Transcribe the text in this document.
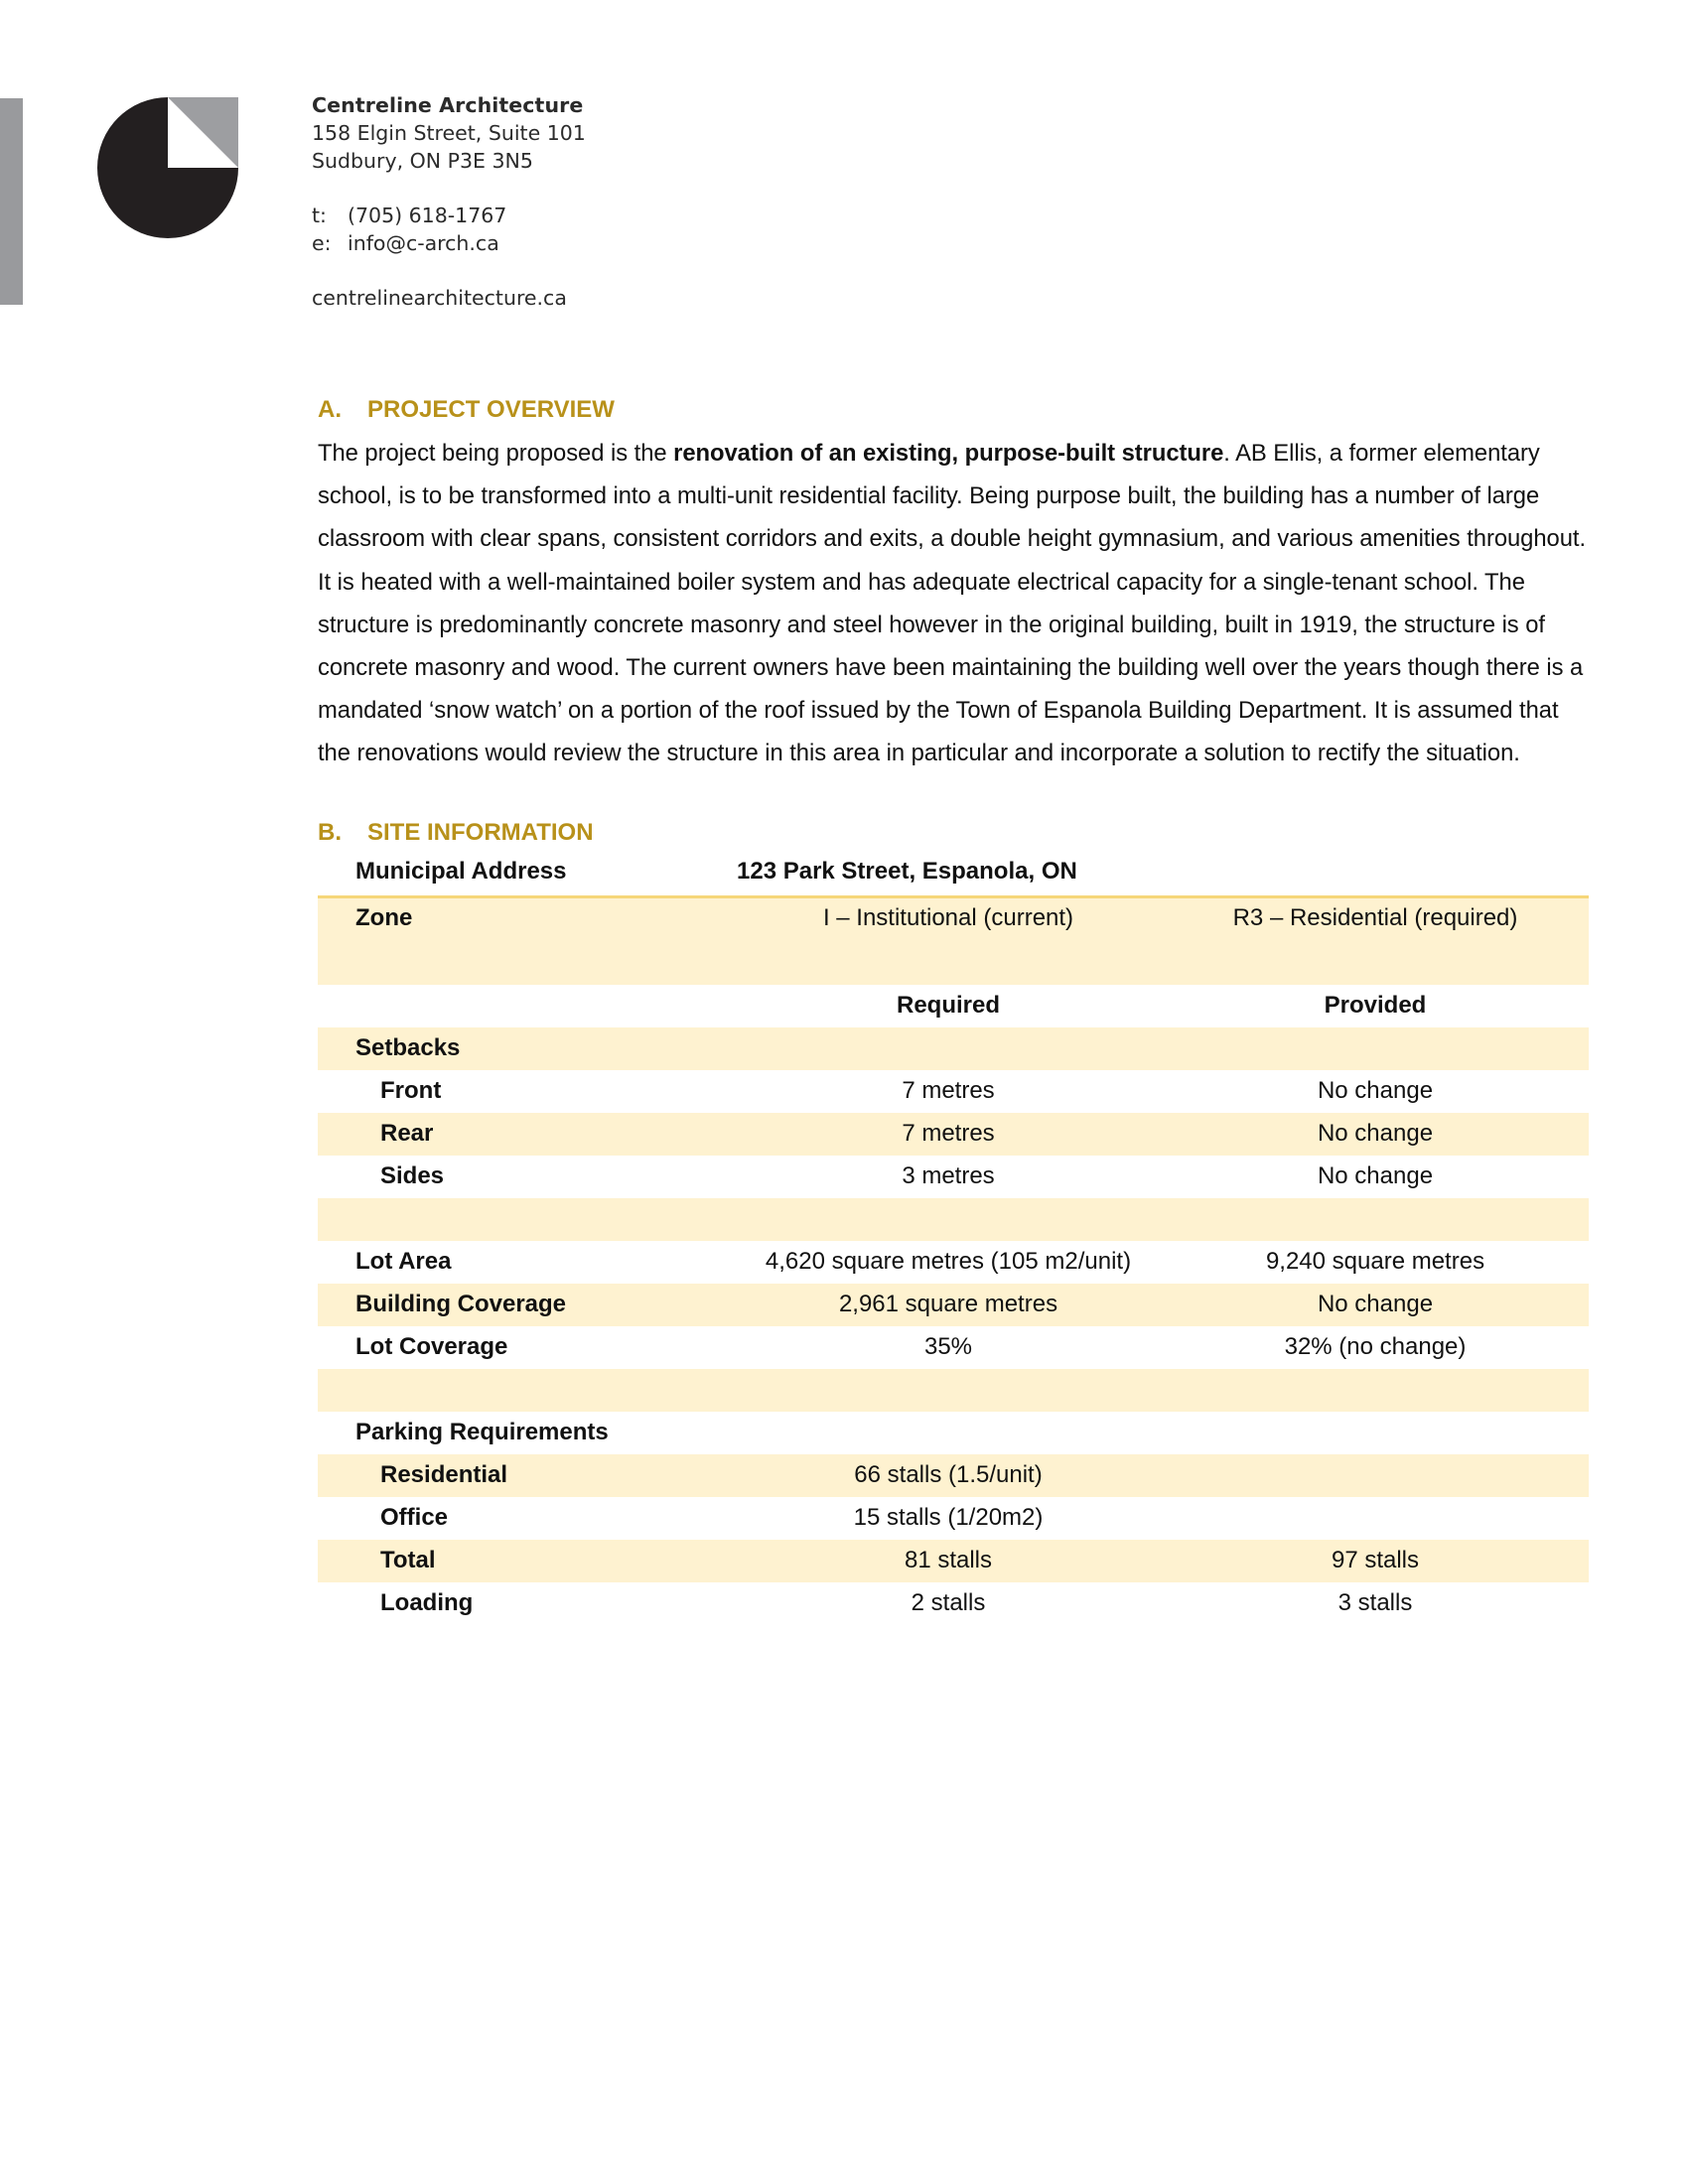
Centreline Architecture
158 Elgin Street, Suite 101
Sudbury, ON P3E 3N5
t:	(705) 618-1767
e: info@c-arch.ca
centrelinearchitecture.ca
A.	PROJECT OVERVIEW
The project being proposed is the renovation of an existing, purpose-built structure. AB Ellis, a former elementary school, is to be transformed into a multi-unit residential facility. Being purpose built, the building has a number of large classroom with clear spans, consistent corridors and exits, a double height gymnasium, and various amenities throughout. It is heated with a well-maintained boiler system and has adequate electrical capacity for a single-tenant school. The structure is predominantly concrete masonry and steel however in the original building, built in 1919, the structure is of concrete masonry and wood. The current owners have been maintaining the building well over the years though there is a mandated ‘snow watch’ on a portion of the roof issued by the Town of Espanola Building Department. It is assumed that the renovations would review the structure in this area in particular and incorporate a solution to rectify the situation.
B.	SITE INFORMATION
Municipal Address	123 Park Street, Espanola, ON	
Zone	I – Institutional (current)	R3 – Residential (required)
	Required	Provided
Setbacks		
Front	7 metres	No change
Rear	7 metres	No change
Sides	3 metres	No change

Lot Area	4,620 square metres (105 m2/unit)	9,240 square metres
Building Coverage	2,961 square metres	No change
Lot Coverage	35%	32% (no change)

Parking Requirements		
Residential	66 stalls (1.5/unit)	
Office	15 stalls (1/20m2)	
Total	81 stalls	97 stalls
Loading	2 stalls	3 stalls
